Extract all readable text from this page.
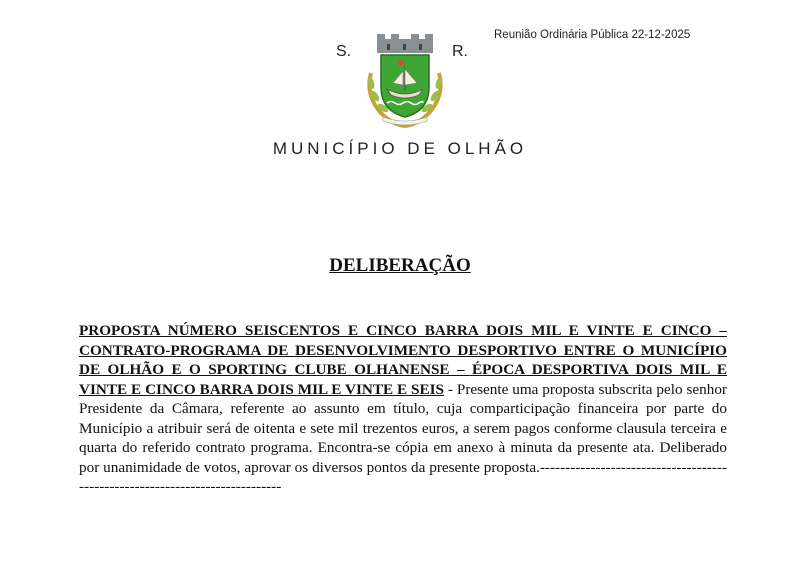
Reunião Ordinária Pública 22-12-2025
S.	R.
MUNICÍPIO DE OLHÃO
DELIBERAÇÃO
PROPOSTA NÚMERO SEISCENTOS E CINCO BARRA DOIS MIL E VINTE E CINCO – CONTRATO-PROGRAMA DE DESENVOLVIMENTO DESPORTIVO ENTRE O MUNICÍPIO DE OLHÃO E O SPORTING CLUBE OLHANENSE – ÉPOCA DESPORTIVA DOIS MIL E VINTE E CINCO BARRA DOIS MIL E VINTE E SEIS - Presente uma proposta subscrita pelo senhor Presidente da Câmara, referente ao assunto em título, cuja comparticipação financeira por parte do Município a atribuir será de oitenta e sete mil trezentos euros, a serem pagos conforme clausula terceira e quarta do referido contrato programa. Encontra-se cópia em anexo à minuta da presente ata. Deliberado por unanimidade de votos, aprovar os diversos pontos da presente proposta.-----------------------------------------------------------------------------
